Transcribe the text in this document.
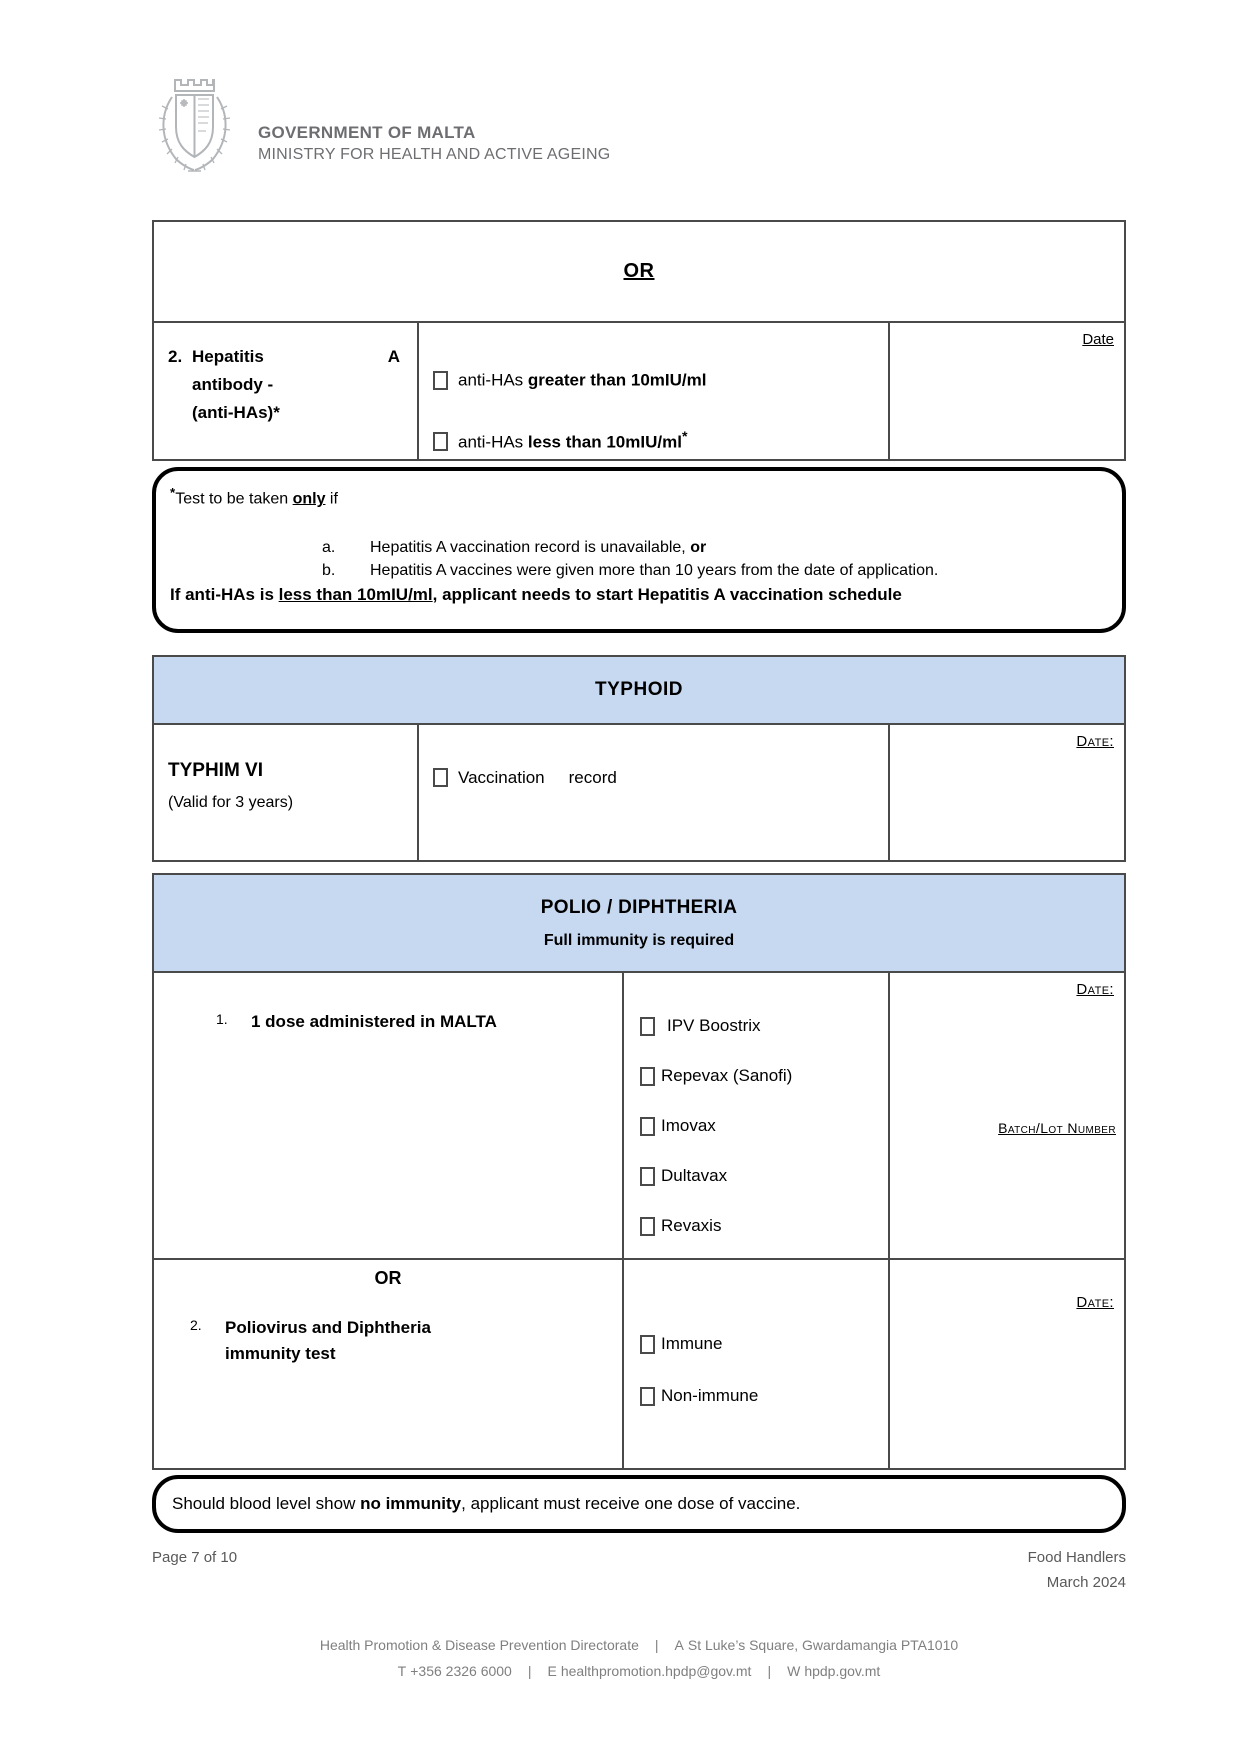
GOVERNMENT OF MALTA
MINISTRY FOR HEALTH AND ACTIVE AGEING
OR
2. Hepatitis	A
antibody -
(anti-HAs)*
anti-HAs greater than 10mIU/ml
anti-HAs less than 10mIU/ml*
Date
*Test to be taken only if
a.	Hepatitis A vaccination record is unavailable, or
b.	Hepatitis A vaccines were given more than 10 years from the date of application.
If anti-HAs is less than 10mIU/ml, applicant needs to start Hepatitis A vaccination schedule
TYPHOID
TYPHIM VI
(Valid for 3 years)
Vaccination record
Date:
POLIO / DIPHTHERIA
Full immunity is required
1.	1 dose administered in MALTA	IPV Boostrix
Repevax (Sanofi)
Imovax
Dultavax
Revaxis
Date:
Batch/Lot Number
OR
2.	Poliovirus and Diphtheria
immunity test
Immune
Non-immune
Date:
Should blood level show no immunity, applicant must receive one dose of vaccine.
Page 7 of 10	Food Handlers
March 2024
Health Promotion & Disease Prevention Directorate | A St Luke’s Square, Gwardamangia PTA1010
T +356 2326 6000 | E healthpromotion.hpdp@gov.mt | W hpdp.gov.mt
